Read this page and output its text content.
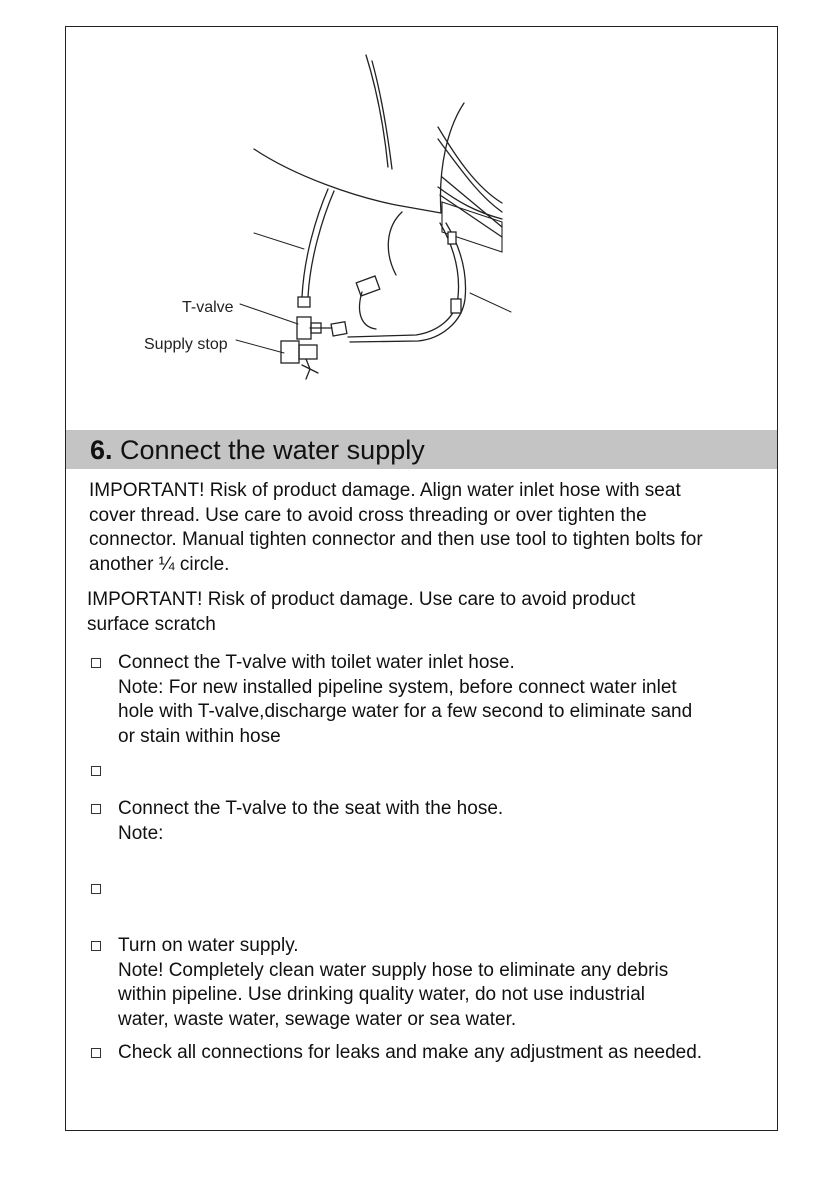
T-valve
Supply stop
6. Connect the water supply
IMPORTANT! Risk of product damage. Align water inlet hose with seat
cover thread. Use care to avoid cross threading or over tighten the
connector. Manual tighten connector and then use tool to tighten bolts for
another ¼ circle.
IMPORTANT! Risk of product damage. Use care to avoid product
surface scratch
Connect the T-valve with toilet water inlet hose.
Note: For new installed pipeline system, before connect water inlet
hole with T-valve,discharge water for a few second to eliminate sand
or stain within hose
Connect the T-valve to the seat with the hose.
Note:
Turn on water supply.
Note! Completely clean water supply hose to eliminate any debris
within pipeline. Use drinking quality water, do not use industrial
water, waste water, sewage water or sea water.
Check all connections for leaks and make any adjustment as needed.
